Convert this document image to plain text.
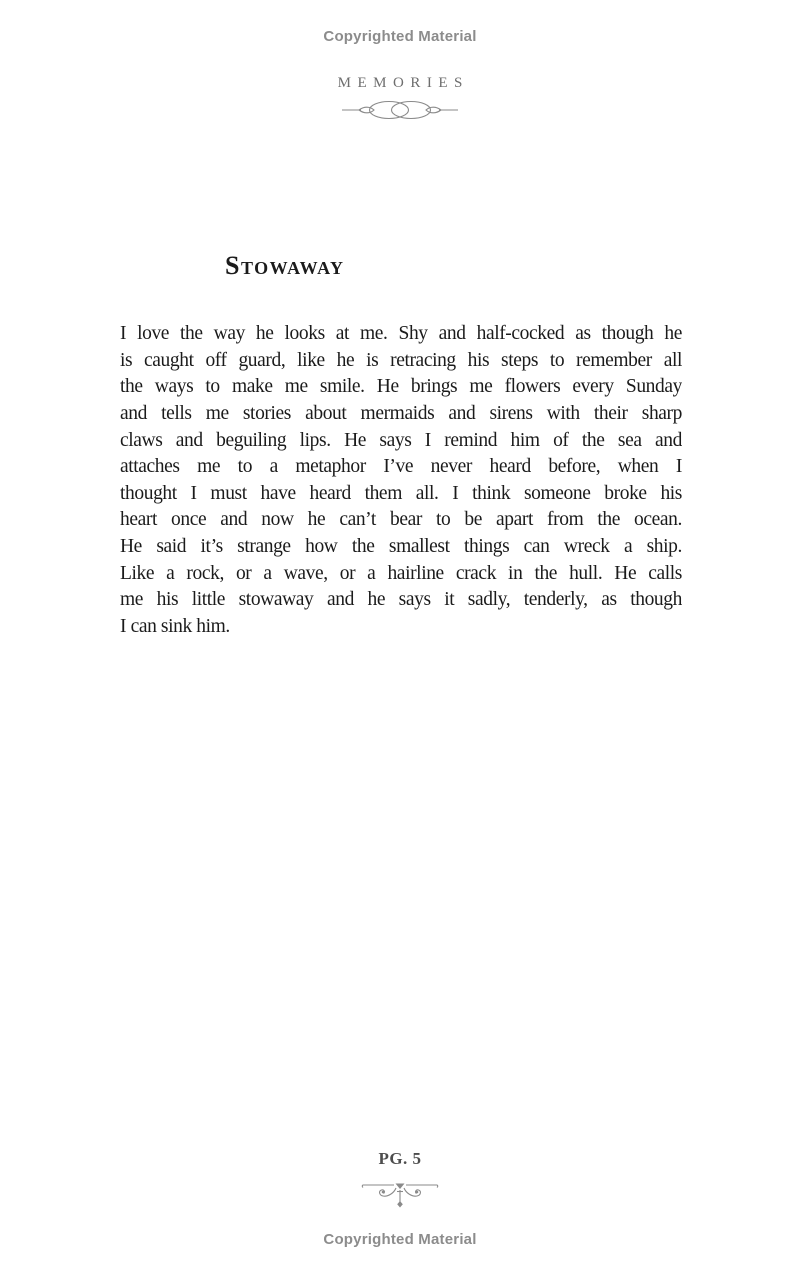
Copyrighted Material
MEMORIES
Stowaway
I love the way he looks at me. Shy and half-cocked as though he
is caught off guard, like he is retracing his steps to remember all
the ways to make me smile. He brings me flowers every Sunday
and tells me stories about mermaids and sirens with their sharp
claws and beguiling lips. He says I remind him of the sea and
attaches me to a metaphor I’ve never heard before, when I
thought I must have heard them all. I think someone broke his
heart once and now he can’t bear to be apart from the ocean.
He said it’s strange how the smallest things can wreck a ship.
Like a rock, or a wave, or a hairline crack in the hull. He calls
me his little stowaway and he says it sadly, tenderly, as though
I can sink him.
PG. 5
Copyrighted Material
